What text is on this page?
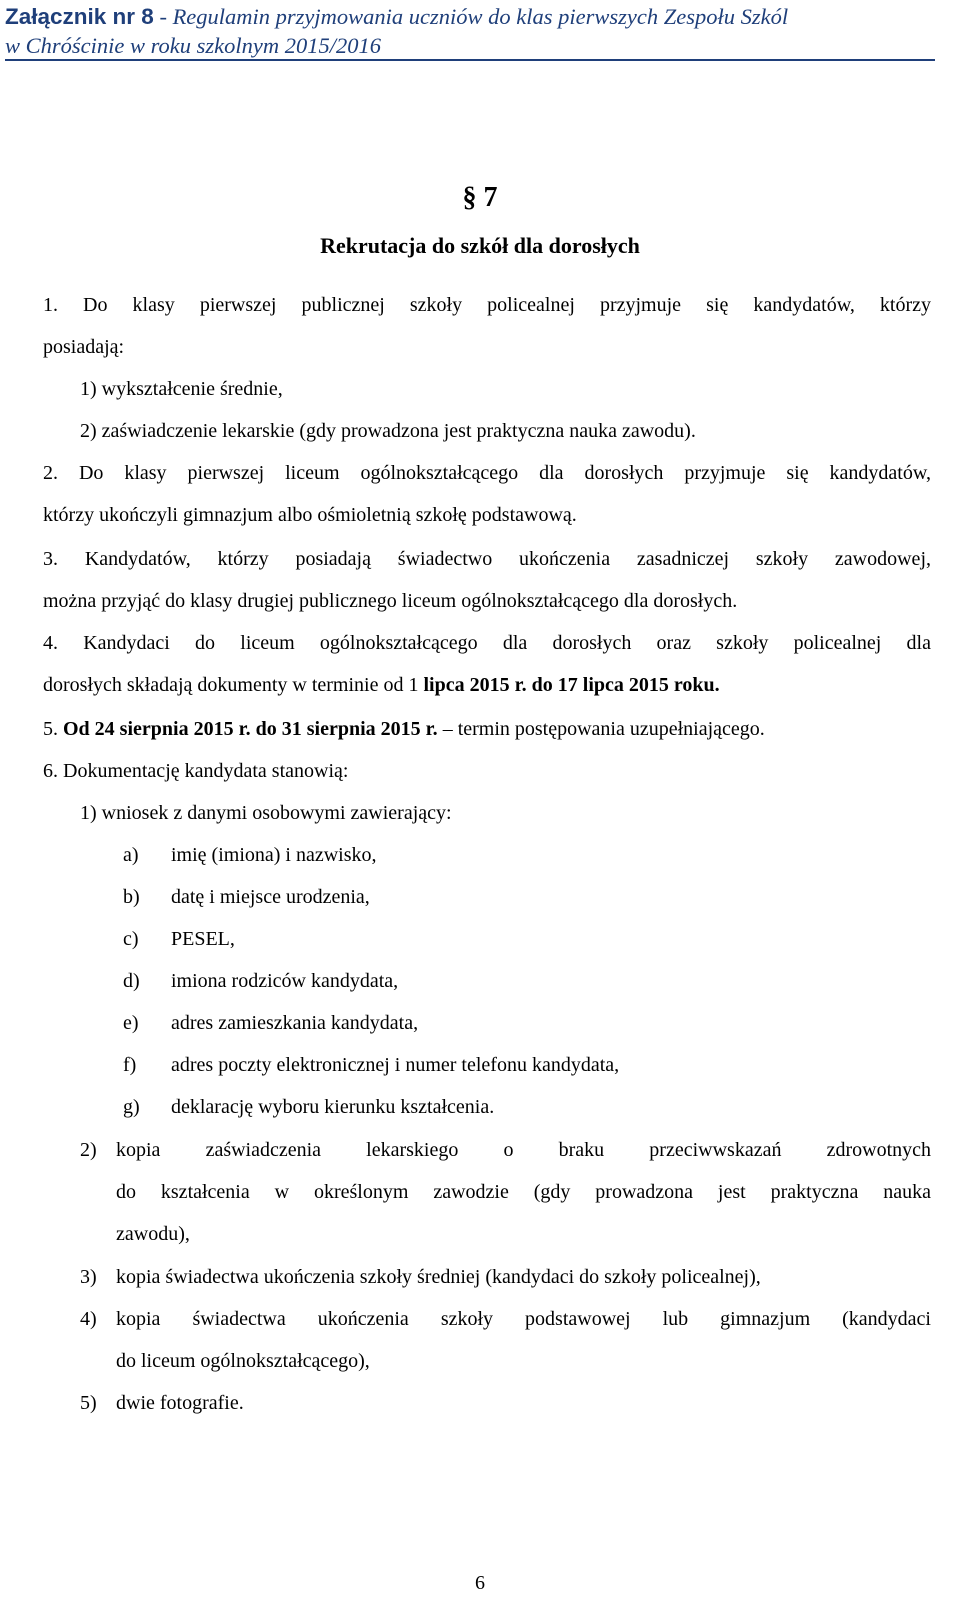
Załącznik nr 8 - Regulamin przyjmowania uczniów do klas pierwszych Zespołu Szkól
w Chróścinie w roku szkolnym 2015/2016
§ 7
Rekrutacja do szkół dla dorosłych
1. Do klasy pierwszej publicznej szkoły policealnej przyjmuje się kandydatów, którzy
posiadają:
1) wykształcenie średnie,
2) zaświadczenie lekarskie (gdy prowadzona jest praktyczna nauka zawodu).
2. Do klasy pierwszej liceum ogólnokształcącego dla dorosłych przyjmuje się kandydatów,
którzy ukończyli gimnazjum albo ośmioletnią szkołę podstawową.
3. Kandydatów, którzy posiadają świadectwo ukończenia zasadniczej szkoły zawodowej,
można przyjąć do klasy drugiej publicznego liceum ogólnokształcącego dla dorosłych.
4. Kandydaci do liceum ogólnokształcącego dla dorosłych oraz szkoły policealnej dla
dorosłych składają dokumenty w terminie od 1 lipca 2015 r. do 17 lipca 2015 roku.
5. Od 24 sierpnia 2015 r. do 31 sierpnia 2015 r. – termin postępowania uzupełniającego.
6. Dokumentację kandydata stanowią:
1) wniosek z danymi osobowymi zawierający:
a) imię (imiona) i nazwisko,
b) datę i miejsce urodzenia,
c) PESEL,
d) imiona rodziców kandydata,
e) adres zamieszkania kandydata,
f) adres poczty elektronicznej i numer telefonu kandydata,
g) deklarację wyboru kierunku kształcenia.
2) kopia zaświadczenia lekarskiego o braku przeciwwskazań zdrowotnych
do kształcenia w określonym zawodzie (gdy prowadzona jest praktyczna nauka
zawodu),
3) kopia świadectwa ukończenia szkoły średniej (kandydaci do szkoły policealnej),
4) kopia świadectwa ukończenia szkoły podstawowej lub gimnazjum (kandydaci
do liceum ogólnokształcącego),
5) dwie fotografie.
6
